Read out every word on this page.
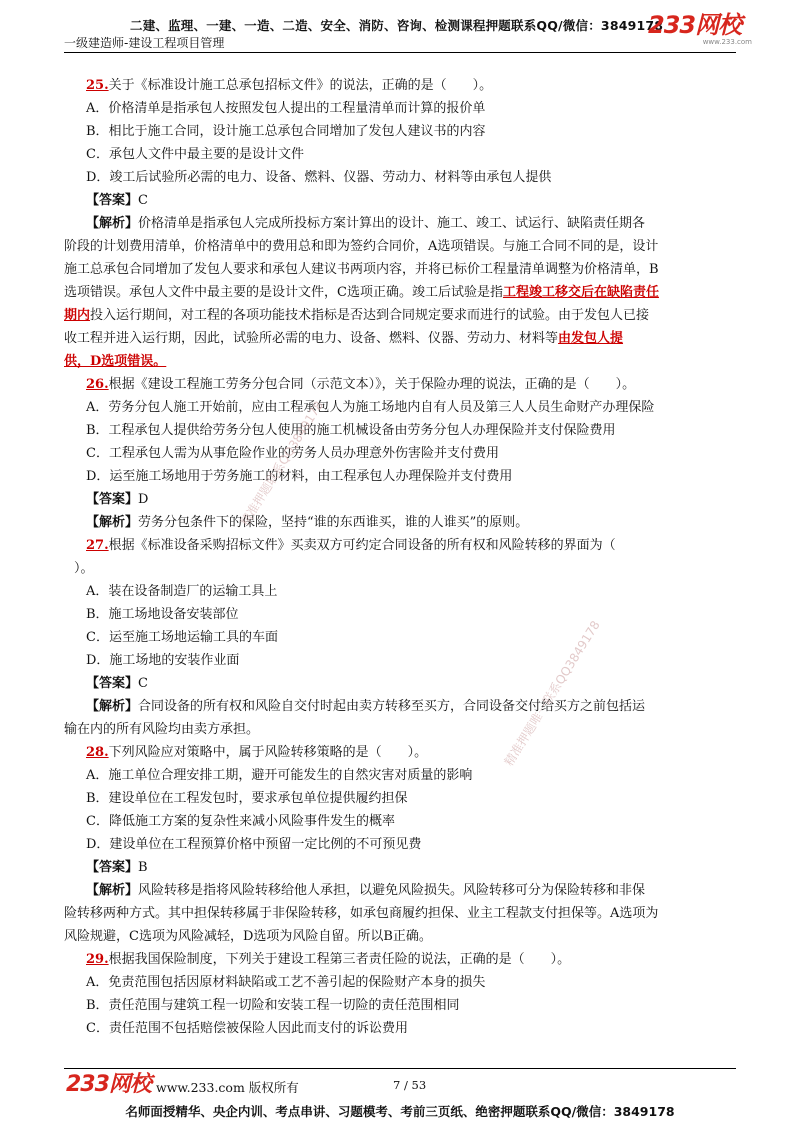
二建、监理、一建、一造、二造、安全、消防、咨询、检测课程押题联系QQ/微信：3849178
一级建造师-建设工程项目管理
233网校
www.233.com
25.关于《标准设计施工总承包招标文件》的说法，正确的是（　　）。
A．价格清单是指承包人按照发包人提出的工程量清单而计算的报价单
B．相比于施工合同，设计施工总承包合同增加了发包人建议书的内容
C．承包人文件中最主要的是设计文件
D．竣工后试验所必需的电力、设备、燃料、仪器、劳动力、材料等由承包人提供
【答案】C
【解析】价格清单是指承包人完成所投标方案计算出的设计、施工、竣工、试运行、缺陷责任期各
阶段的计划费用清单，价格清单中的费用总和即为签约合同价，A选项错误。与施工合同不同的是，设计
施工总承包合同增加了发包人要求和承包人建议书两项内容，并将已标价工程量清单调整为价格清单，B
选项错误。承包人文件中最主要的是设计文件，C选项正确。竣工后试验是指工程竣工移交后在缺陷责任
期内投入运行期间，对工程的各项功能技术指标是否达到合同规定要求而进行的试验。由于发包人已接
收工程并进入运行期，因此，试验所必需的电力、设备、燃料、仪器、劳动力、材料等由发包人提
供，D选项错误。
26.根据《建设工程施工劳务分包合同（示范文本）》，关于保险办理的说法，正确的是（　　）。
A．劳务分包人施工开始前，应由工程承包人为施工场地内自有人员及第三人人员生命财产办理保险
B．工程承包人提供给劳务分包人使用的施工机械设备由劳务分包人办理保险并支付保险费用
C．工程承包人需为从事危险作业的劳务人员办理意外伤害险并支付费用
D．运至施工场地用于劳务施工的材料，由工程承包人办理保险并支付费用
【答案】D
【解析】劳务分包条件下的保险，坚持“谁的东西谁买，谁的人谁买”的原则。
27.根据《标准设备采购招标文件》买卖双方可约定合同设备的所有权和风险转移的界面为（
）。
A．装在设备制造厂的运输工具上
B．施工场地设备安装部位
C．运至施工场地运输工具的车面
D．施工场地的安装作业面
【答案】C
【解析】合同设备的所有权和风险自交付时起由卖方转移至买方，合同设备交付给买方之前包括运
输在内的所有风险均由卖方承担。
28.下列风险应对策略中，属于风险转移策略的是（　　）。
A．施工单位合理安排工期，避开可能发生的自然灾害对质量的影响
B．建设单位在工程发包时，要求承包单位提供履约担保
C．降低施工方案的复杂性来减小风险事件发生的概率
D．建设单位在工程预算价格中预留一定比例的不可预见费
【答案】B
【解析】风险转移是指将风险转移给他人承担，以避免风险损失。风险转移可分为保险转移和非保
险转移两种方式。其中担保转移属于非保险转移，如承包商履约担保、业主工程款支付担保等。A选项为
风险规避，C选项为风险减轻，D选项为风险自留。所以B正确。
29.根据我国保险制度，下列关于建设工程第三者责任险的说法，正确的是（　　）。
A．免责范围包括因原材料缺陷或工艺不善引起的保险财产本身的损失
B．责任范围与建筑工程一切险和安装工程一切险的责任范围相同
C．责任范围不包括赔偿被保险人因此而支付的诉讼费用
精准押题联系QQ3849178
精准押题唯一联系QQ3849178
233网校 www.233.com 版权所有	7 / 53
名师面授精华、央企内训、考点串讲、习题模考、考前三页纸、绝密押题联系QQ/微信：3849178
